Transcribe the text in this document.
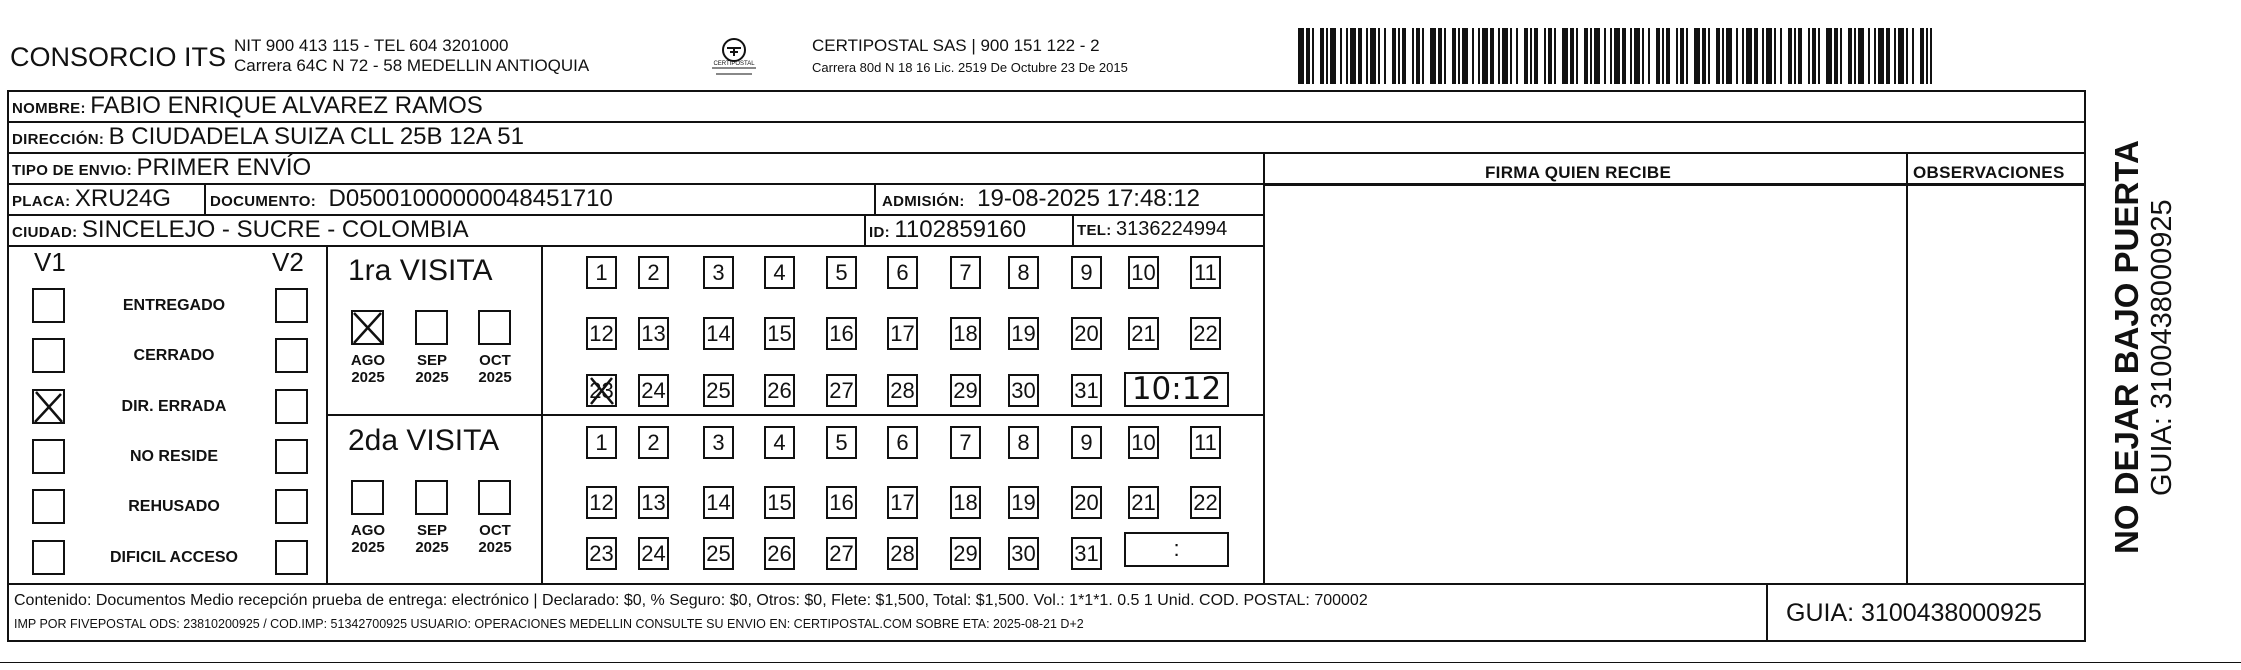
CONSORCIO ITS NIT 900 413 115 - TEL 604 3201000
Carrera 64C N 72 - 58 MEDELLIN ANTIOQUIA	CERTIPOSTAL
CERTIPOSTAL SAS | 900 151 122 - 2
Carrera 80d N 18 16 Lic. 2519 De Octubre 23 De 2015
NOMBRE: FABIO ENRIQUE ALVAREZ RAMOS
DIRECCIÓN: B CIUDADELA SUIZA CLL 25B 12A 51
TIPO DE ENVIO: PRIMER ENVÍO	FIRMA QUIEN RECIBE	OBSERVACIONES
PLACA: XRU24G	DOCUMENTO: D05001000000048451710	ADMISIÓN: 19-08-2025 17:48:12
CIUDAD: SINCELEJO - SUCRE - COLOMBIA	ID: 1102859160	TEL: 3136224994
V1	V2
ENTREGADO
CERRADO
DIR. ERRADA
NO RESIDE
REHUSADO
DIFICIL ACCESO
1ra VISITA
2da VISITA
AGO
2025
SEP
2025
OCT
2025
AGO
2025
SEP
2025
OCT
2025
1	2	3	4	5	6	7	8	9	10 11
12 13 14 15 16 17 18 19 20 21 22
23 24 25 26 27 28 29 30 31
1	2	3	4	5	6	7	8	9	10 11
12 13 14 15 16 17 18 19 20 21 22
23 24 25 26 27 28 29 30 31
10:12
:
Contenido: Documentos Medio recepción prueba de entrega: electrónico | Declarado: $0, % Seguro: $0, Otros: $0, Flete: $1,500, Total: $1,500. Vol.: 1*1*1. 0.5 1 Unid. COD. POSTAL: 700002
IMP POR FIVEPOSTAL ODS: 23810200925 / COD.IMP: 51342700925 USUARIO: OPERACIONES MEDELLIN CONSULTE SU ENVIO EN: CERTIPOSTAL.COM SOBRE ETA: 2025-08-21 D+2	GUIA: 3100438000925
NO DEJAR BAJO PUERTA GUIA: 3100438000925
